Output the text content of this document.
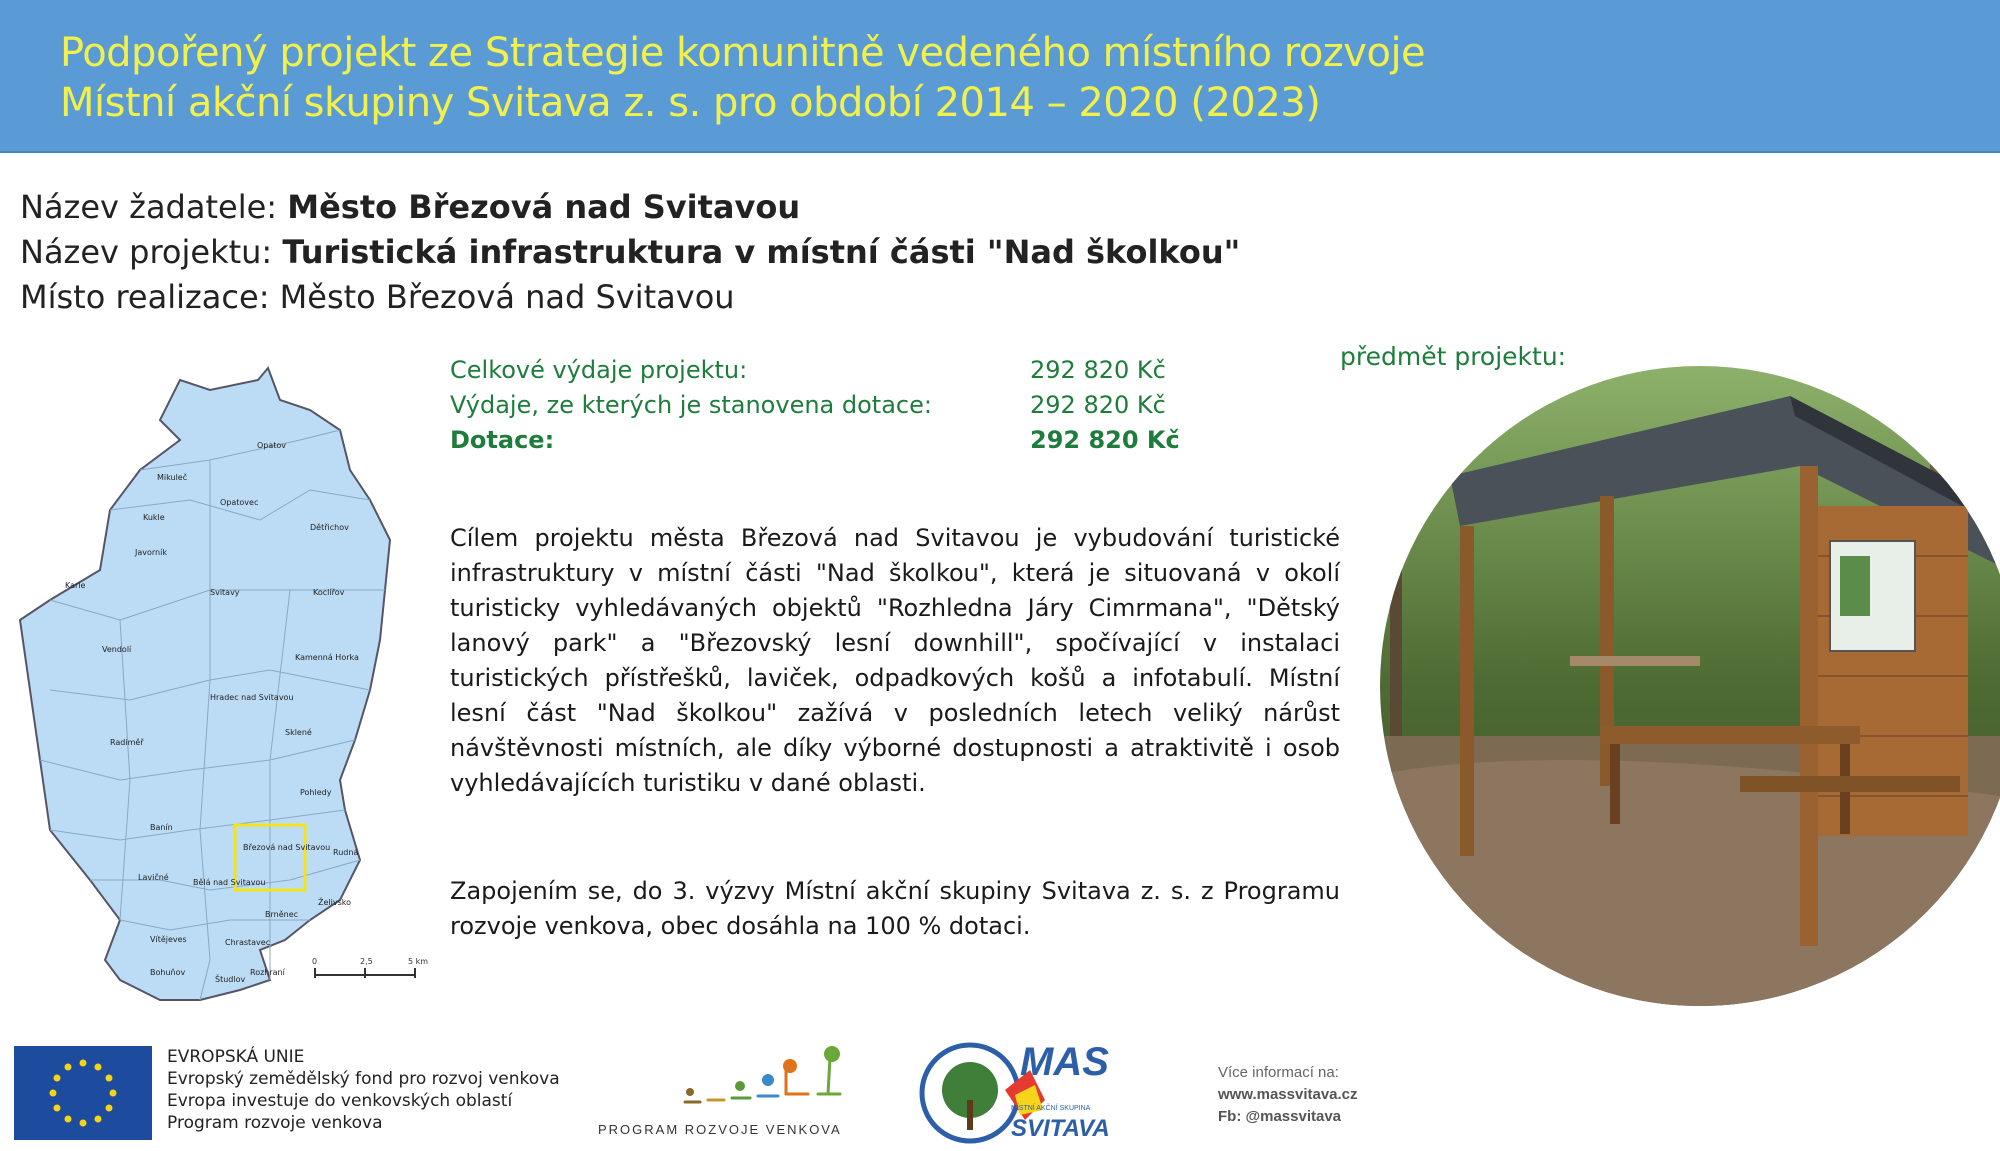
Podpořený projekt ze Strategie komunitně vedeného místního rozvoje
Místní akční skupiny Svitava z. s. pro období 2014 – 2020 (2023)
Název žadatele: Město Březová nad Svitavou
Název projektu: Turistická infrastruktura v místní části "Nad školkou"
Místo realizace: Město Březová nad Svitavou
Celkové výdaje projektu:	292 820 Kč
Výdaje, ze kterých je stanovena dotace:	292 820 Kč
Dotace:	292 820 Kč
Cílem projektu města Březová nad Svitavou je vybudování turistické infrastruktury v místní části "Nad školkou", která je situovaná v okolí turisticky vyhledávaných objektů "Rozhledna Járy Cimrmana", "Dětský lanový park" a "Březovský lesní downhill", spočívající v instalaci turistických přístřešků, laviček, odpadkových košů a infotabulí. Místní lesní část "Nad školkou" zažívá v posledních letech veliký nárůst návštěvnosti místních, ale díky výborné dostupnosti a atraktivitě i osob vyhledávajících turistiku v dané oblasti.
Zapojením se, do 3. výzvy Místní akční skupiny Svitava z. s. z Programu rozvoje venkova, obec dosáhla na 100 % dotaci.
předmět projektu:
Opatov
Mikuleč
Opatovec
Kukle
Dětřichov
Javorník
Karle
Svitavy	Koclířov
Vendolí
Kamenná Horka
Hradec nad Svitavou
Radiměř
Sklené
Pohledy
Banín
Březová nad Svitavou
Rudná
Lavičné
Bělá nad Svitavou
Želivsko
Brněnec
Vítějeves	Chrastavec
Bohuňov	Rozhraní
Študlov
0	2,5	5 km
EVROPSKÁ UNIE
Evropský zemědělský fond pro rozvoj venkova
Evropa investuje do venkovských oblastí
Program rozvoje venkova	PROGRAM ROZVOJE VENKOVA
MAS
MÍSTNÍ AKČNÍ SKUPINA
SVITAVA
Více informací na:
www.massvitava.cz
Fb: @massvitava
